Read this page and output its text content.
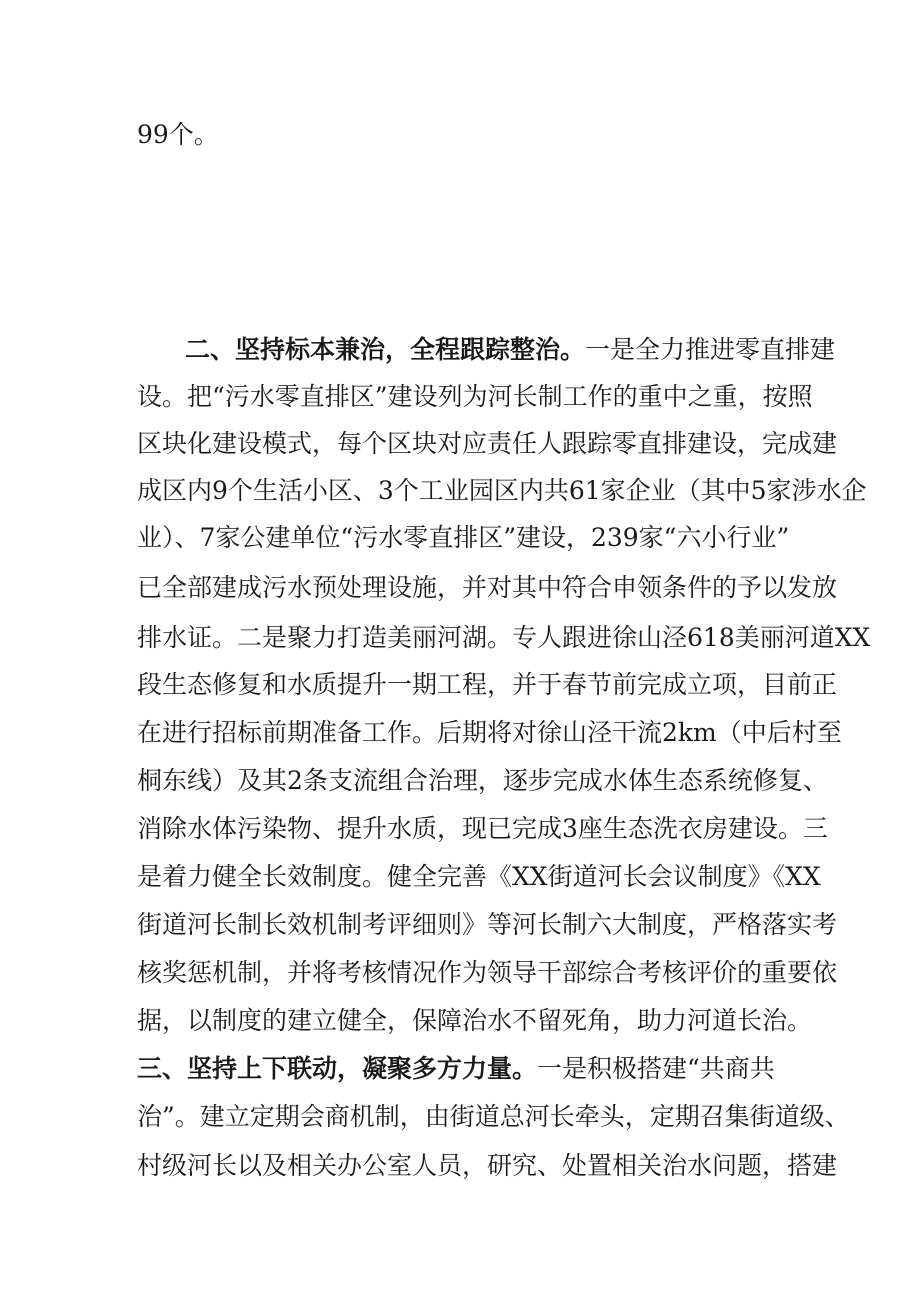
99个。
二、坚持标本兼治，全程跟踪整治。一是全力推进零直排建
设。把“污水零直排区”建设列为河长制工作的重中之重，按照
区块化建设模式，每个区块对应责任人跟踪零直排建设，完成建
成区内9个生活小区、3个工业园区内共61家企业（其中5家涉水企
业）、7家公建单位“污水零直排区”建设，239家“六小行业”
已全部建成污水预处理设施，并对其中符合申领条件的予以发放
排水证。二是聚力打造美丽河湖。专人跟进徐山泾618美丽河道XX
段生态修复和水质提升一期工程，并于春节前完成立项，目前正
在进行招标前期准备工作。后期将对徐山泾干流2km（中后村至
桐东线）及其2条支流组合治理，逐步完成水体生态系统修复、
消除水体污染物、提升水质，现已完成3座生态洗衣房建设。三
是着力健全长效制度。健全完善《XX街道河长会议制度》《XX
街道河长制长效机制考评细则》等河长制六大制度，严格落实考
核奖惩机制，并将考核情况作为领导干部综合考核评价的重要依
据，以制度的建立健全，保障治水不留死角，助力河道长治。
三、坚持上下联动，凝聚多方力量。一是积极搭建“共商共
治”。建立定期会商机制，由街道总河长牵头，定期召集街道级、
村级河长以及相关办公室人员，研究、处置相关治水问题，搭建
